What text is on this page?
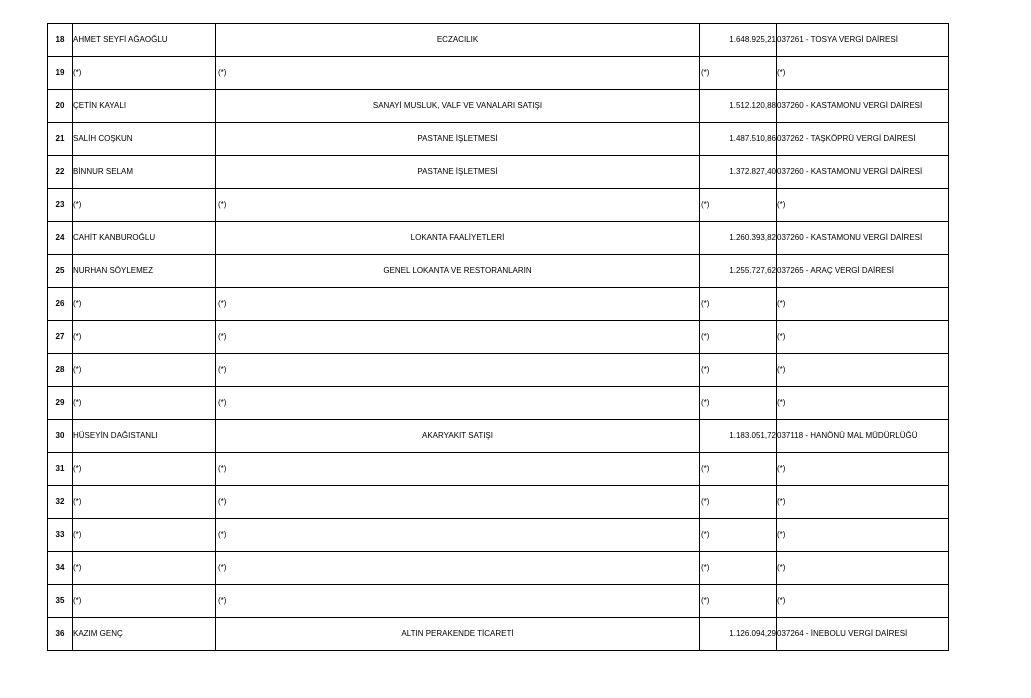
18	AHMET SEYFİ AĞAOĞLU	ECZACILIK	1.648.925,21	037261 - TOSYA VERGİ DAİRESİ
19	(*)	(*)	(*)	(*)
20	ÇETİN KAYALI	SANAYİ MUSLUK, VALF VE VANALARI SATIŞI	1.512.120,88	037260 - KASTAMONU VERGİ DAİRESİ
21	SALİH COŞKUN	PASTANE İŞLETMESİ	1.487.510,86	037262 - TAŞKÖPRÜ VERGİ DAİRESİ
22	BİNNUR SELAM	PASTANE İŞLETMESİ	1.372.827,40	037260 - KASTAMONU VERGİ DAİRESİ
23	(*)	(*)	(*)	(*)
24	CAHİT KANBUROĞLU	LOKANTA FAALİYETLERİ	1.260.393,82	037260 - KASTAMONU VERGİ DAİRESİ
25	NURHAN SÖYLEMEZ	GENEL LOKANTA VE RESTORANLARIN	1.255.727,62	037265 - ARAÇ VERGİ DAİRESİ
26	(*)	(*)	(*)	(*)
27	(*)	(*)	(*)	(*)
28	(*)	(*)	(*)	(*)
29	(*)	(*)	(*)	(*)
30	HÜSEYİN DAĞISTANLI	AKARYAKIT SATIŞI	1.183.051,72	037118 - HANÖNÜ MAL MÜDÜRLÜĞÜ
31	(*)	(*)	(*)	(*)
32	(*)	(*)	(*)	(*)
33	(*)	(*)	(*)	(*)
34	(*)	(*)	(*)	(*)
35	(*)	(*)	(*)	(*)
36	KAZIM GENÇ	ALTIN PERAKENDE TİCARETİ	1.126.094,29	037264 - İNEBOLU VERGİ DAİRESİ
